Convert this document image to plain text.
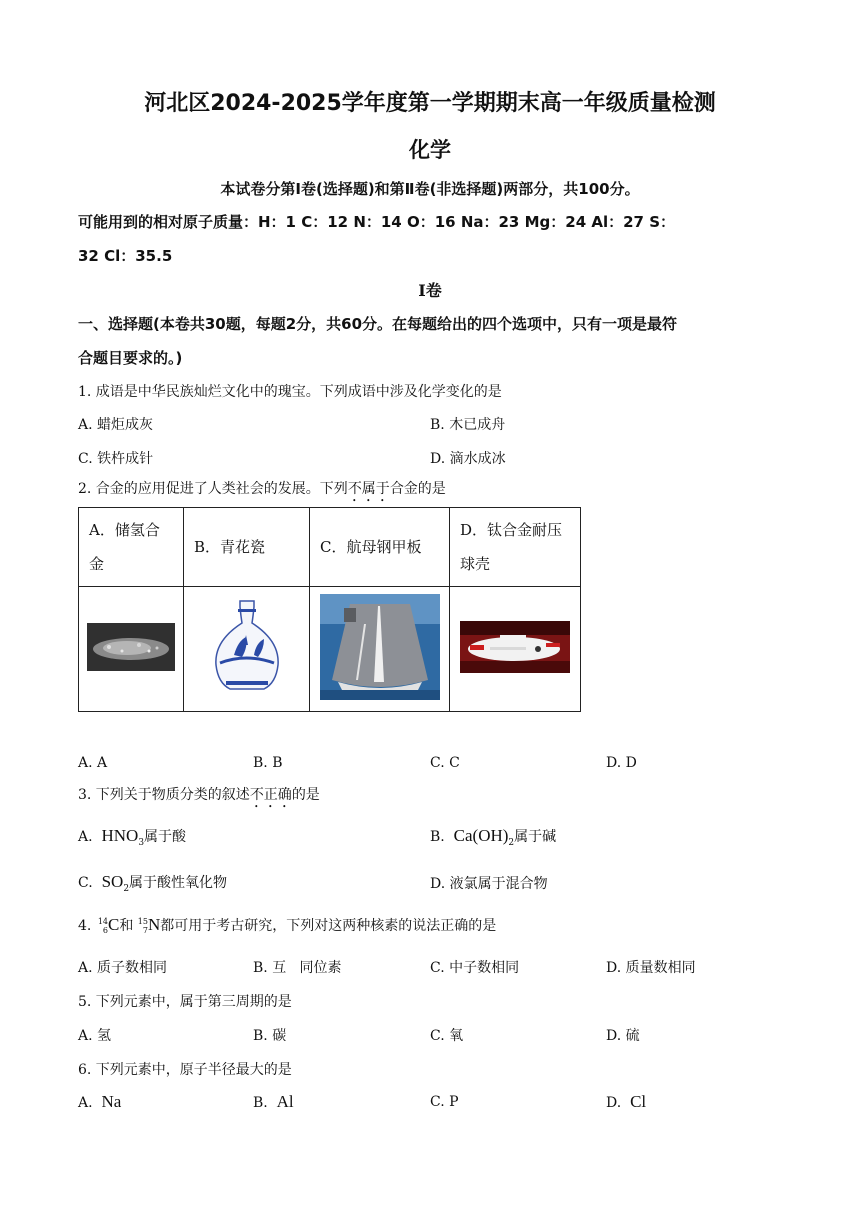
河北区2024-2025学年度第一学期期末高一年级质量检测
化学
本试卷分第Ⅰ卷(选择题)和第Ⅱ卷(非选择题)两部分，共100分。
可能用到的相对原子质量：H：1 C：12 N：14 O：16 Na：23 Mg：24 Al：27 S：
32 Cl：35.5
Ⅰ卷
一、选择题(本卷共30题，每题2分，共60分。在每题给出的四个选项中，只有一项是最符
合题目要求的。)
1. 成语是中华民族灿烂文化中的瑰宝。下列成语中涉及化学变化的是
A. 蜡炬成灰	B. 木已成舟
C. 铁杵成针	D. 滴水成冰
2. 合金的应用促进了人类社会的发展。下列不属于合金的是
A．储氢合金	B．青花瓷	C．航母钢甲板	D．钛合金耐压球壳

A. A	B. B	C. C	D. D
3. 下列关于物质分类的叙述不正确的是
A. $HNO_3$属于酸	B. $Ca(OH)_2$属于碱
C. $SO_2$属于酸性氧化物	D. 液氯属于混合物
4. 14
6 C和 15
7 N都可用于考古研究，下列对这两种核素的说法正确的是
A. 质子数相同	B. 互   同位素	C. 中子数相同	D. 质量数相同
5. 下列元素中，属于第三周期的是
A. 氢	B. 碳	C. 氧	D. 硫
6. 下列元素中，原子半径最大的是
A. Na	B. Al	C. P	D. Cl
